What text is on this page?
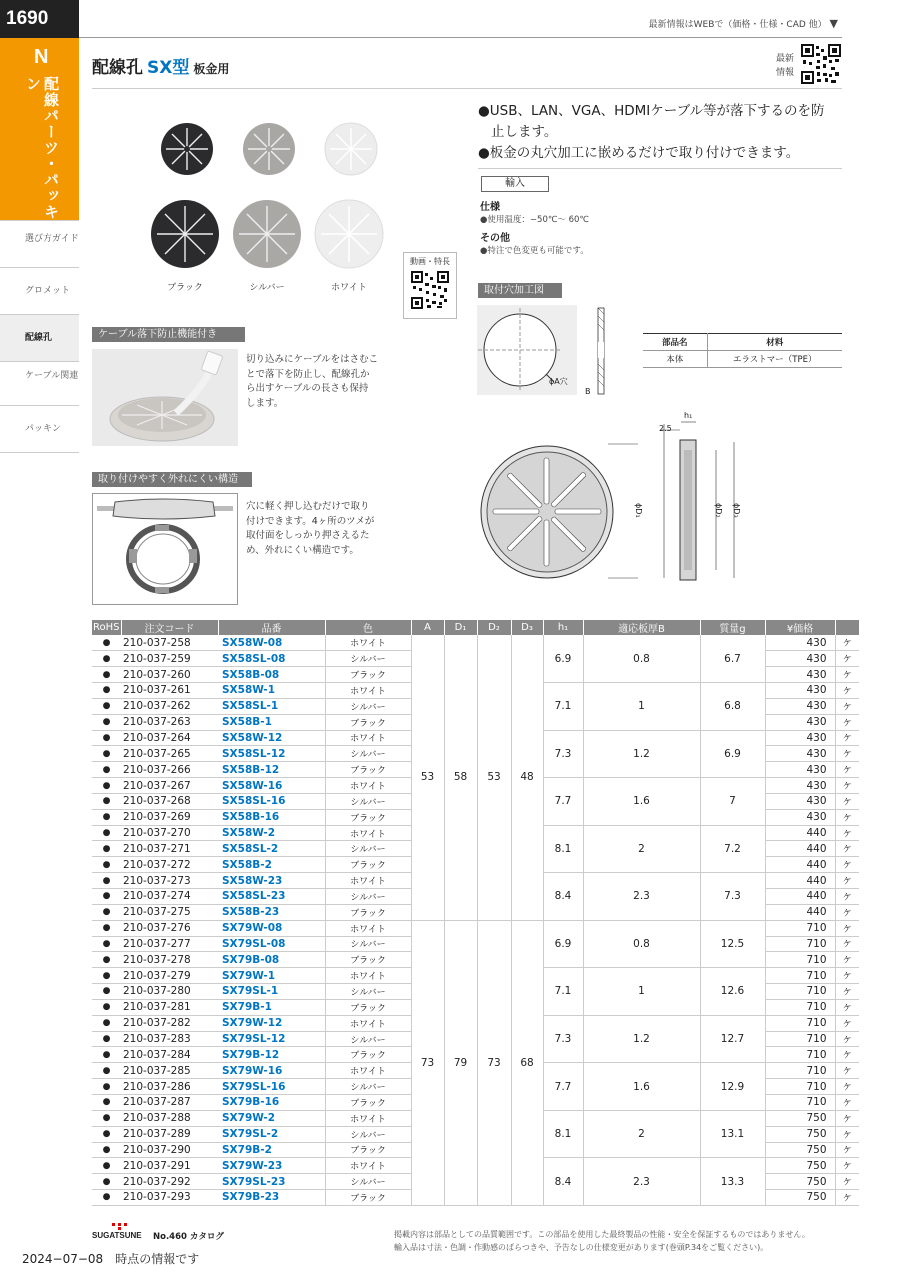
1690
N
配線パーツ・パッキン
選び方ガイド
グロメット
配線孔
ケーブル関連
パッキン
最新情報はWEBで（価格・仕様・CAD 他） ▼
配線孔 SX型 板金用
最新
情報
ブラック	シルバー	ホワイト
動画・特長
●USB、LAN、VGA、HDMIケーブル等が落下するのを防
止します。
●板金の丸穴加工に嵌めるだけで取り付けできます。
輸入
仕様
●使用温度：−50℃〜 60℃
その他
●特注で色変更も可能です。
ケーブル落下防止機能付き
切り込みにケーブルをはさむこ
とで落下を防止し、配線孔か
ら出すケーブルの長さも保持
します。
取り付けやすく外れにくい構造
穴に軽く押し込むだけで取り
付けできます。4ヶ所のツメが
取付面をしっかり押さえるた
め、外れにくい構造です。
取付穴加工図
ϕA穴
B
部品名	材料
本体	エラストマー（TPE）
h₁
2.5
ϕD₁	ϕD₂ ϕD₃
RoHS	注文コード	品番	色	A	D₁	D₂	D₃	h₁	適応板厚B	質量g	¥価格	
●	210-037-258	SX58W-08	ホワイト	53	58	53	48	6.9	0.8	6.7	430	ケ
●	210-037-259	SX58SL-08	シルバー								430	ケ
●	210-037-260	SX58B-08	ブラック								430	ケ
●	210-037-261	SX58W-1	ホワイト					7.1	1	6.8	430	ケ
●	210-037-262	SX58SL-1	シルバー								430	ケ
●	210-037-263	SX58B-1	ブラック								430	ケ
●	210-037-264	SX58W-12	ホワイト					7.3	1.2	6.9	430	ケ
●	210-037-265	SX58SL-12	シルバー								430	ケ
●	210-037-266	SX58B-12	ブラック								430	ケ
●	210-037-267	SX58W-16	ホワイト					7.7	1.6	7	430	ケ
●	210-037-268	SX58SL-16	シルバー								430	ケ
●	210-037-269	SX58B-16	ブラック								430	ケ
●	210-037-270	SX58W-2	ホワイト					8.1	2	7.2	440	ケ
●	210-037-271	SX58SL-2	シルバー								440	ケ
●	210-037-272	SX58B-2	ブラック								440	ケ
●	210-037-273	SX58W-23	ホワイト					8.4	2.3	7.3	440	ケ
●	210-037-274	SX58SL-23	シルバー								440	ケ
●	210-037-275	SX58B-23	ブラック								440	ケ
●	210-037-276	SX79W-08	ホワイト	73	79	73	68	6.9	0.8	12.5	710	ケ
●	210-037-277	SX79SL-08	シルバー								710	ケ
●	210-037-278	SX79B-08	ブラック								710	ケ
●	210-037-279	SX79W-1	ホワイト					7.1	1	12.6	710	ケ
●	210-037-280	SX79SL-1	シルバー								710	ケ
●	210-037-281	SX79B-1	ブラック								710	ケ
●	210-037-282	SX79W-12	ホワイト					7.3	1.2	12.7	710	ケ
●	210-037-283	SX79SL-12	シルバー								710	ケ
●	210-037-284	SX79B-12	ブラック								710	ケ
●	210-037-285	SX79W-16	ホワイト					7.7	1.6	12.9	710	ケ
●	210-037-286	SX79SL-16	シルバー								710	ケ
●	210-037-287	SX79B-16	ブラック								710	ケ
●	210-037-288	SX79W-2	ホワイト					8.1	2	13.1	750	ケ
●	210-037-289	SX79SL-2	シルバー								750	ケ
●	210-037-290	SX79B-2	ブラック								750	ケ
●	210-037-291	SX79W-23	ホワイト					8.4	2.3	13.3	750	ケ
●	210-037-292	SX79SL-23	シルバー								750	ケ
●	210-037-293	SX79B-23	ブラック								750	ケ
SUGATSUNE No.460 カタログ	掲載内容は部品としての品質範囲です。この部品を使用した最終製品の性能・安全を保証するものではありません。
輸入品は寸法・色調・作動感のばらつきや、予告なしの仕様変更があります(巻頭P.34をご覧ください)。
2024−07−08　時点の情報です
